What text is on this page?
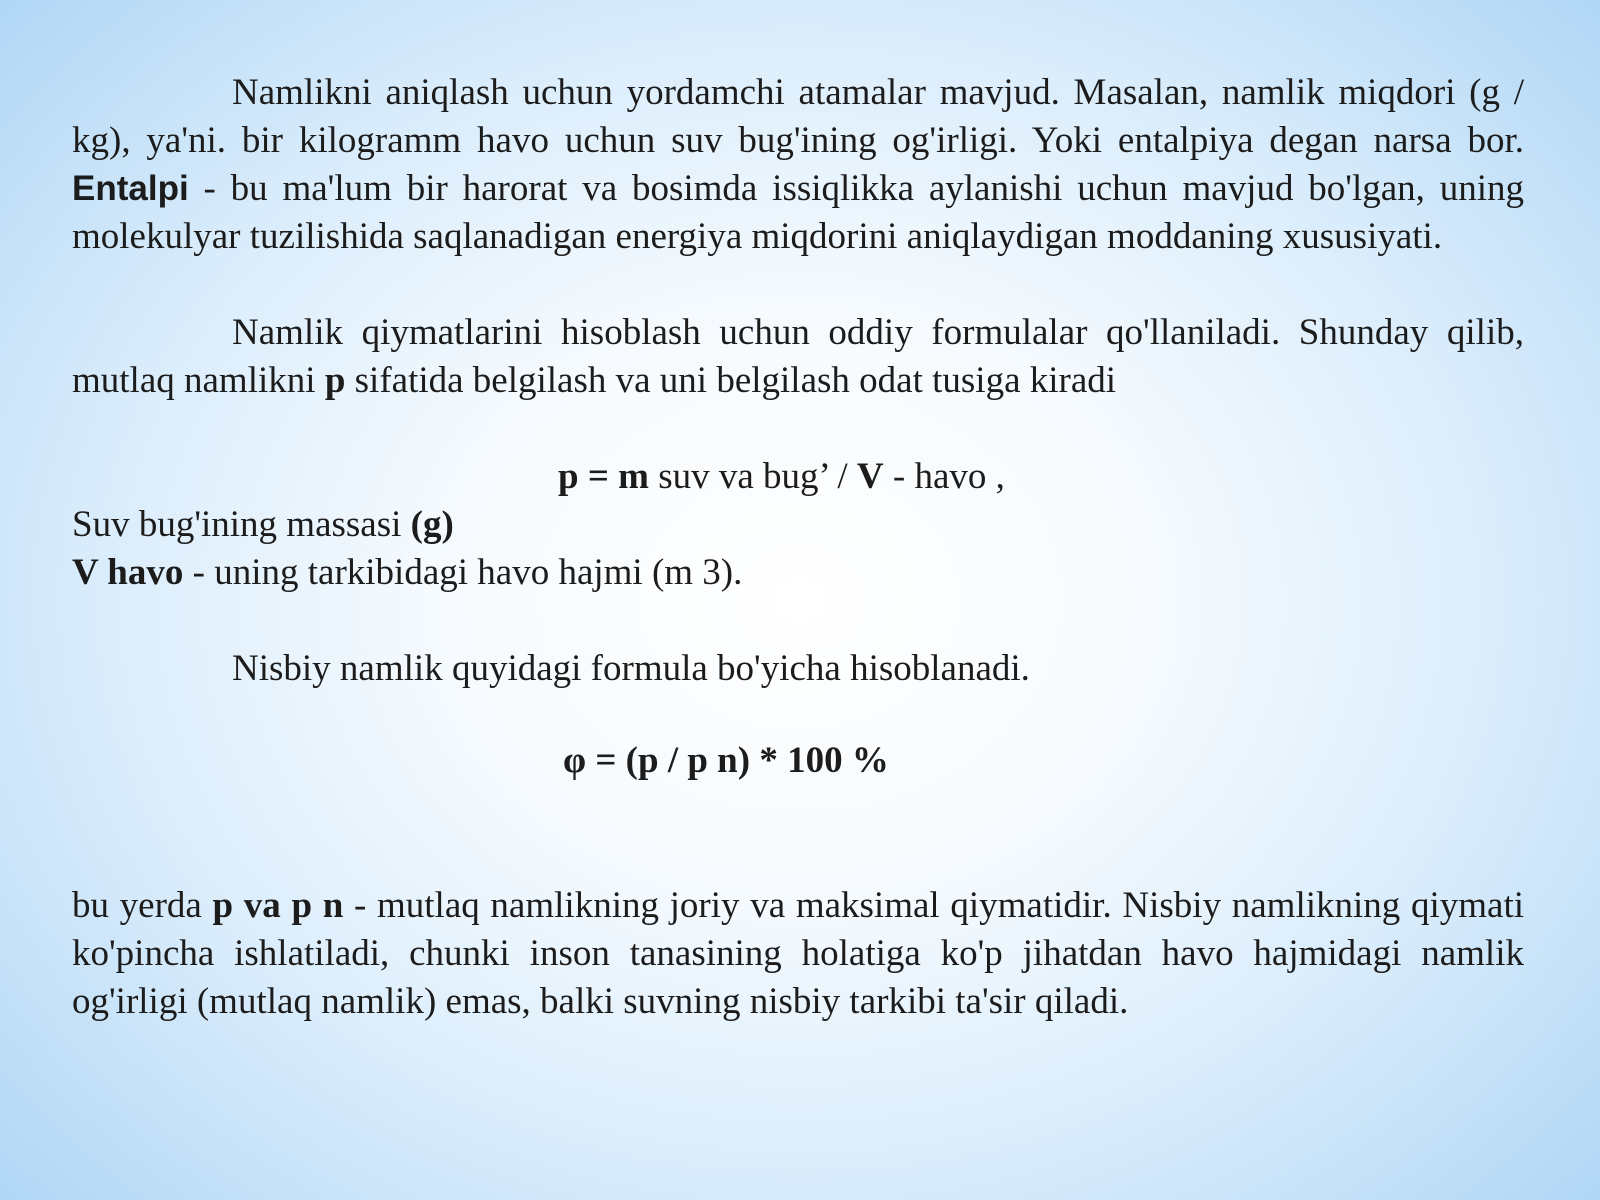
Namlikni aniqlash uchun yordamchi atamalar mavjud. Masalan, namlik miqdori (g / kg), ya'ni. bir kilogramm havo uchun suv bug'ining og'irligi. Yoki entalpiya degan narsa bor. Entalpi - bu ma'lum bir harorat va bosimda issiqlikka aylanishi uchun mavjud bo'lgan, uning molekulyar tuzilishida saqlanadigan energiya miqdorini aniqlaydigan moddaning xususiyati.

Namlik qiymatlarini hisoblash uchun oddiy formulalar qo'llaniladi. Shunday qilib, mutlaq namlikni p sifatida belgilash va uni belgilash odat tusiga kiradi

p = m suv va bug’ / V - havo ,

Suv bug'ining massasi (g)

V havo - uning tarkibidagi havo hajmi (m 3).

Nisbiy namlik quyidagi formula bo'yicha hisoblanadi.

φ = (p / p n) * 100 %

bu yerda p va p n - mutlaq namlikning joriy va maksimal qiymatidir. Nisbiy namlikning qiymati ko'pincha ishlatiladi, chunki inson tanasining holatiga ko'p jihatdan havo hajmidagi namlik og'irligi (mutlaq namlik) emas, balki suvning nisbiy tarkibi ta'sir qiladi.
